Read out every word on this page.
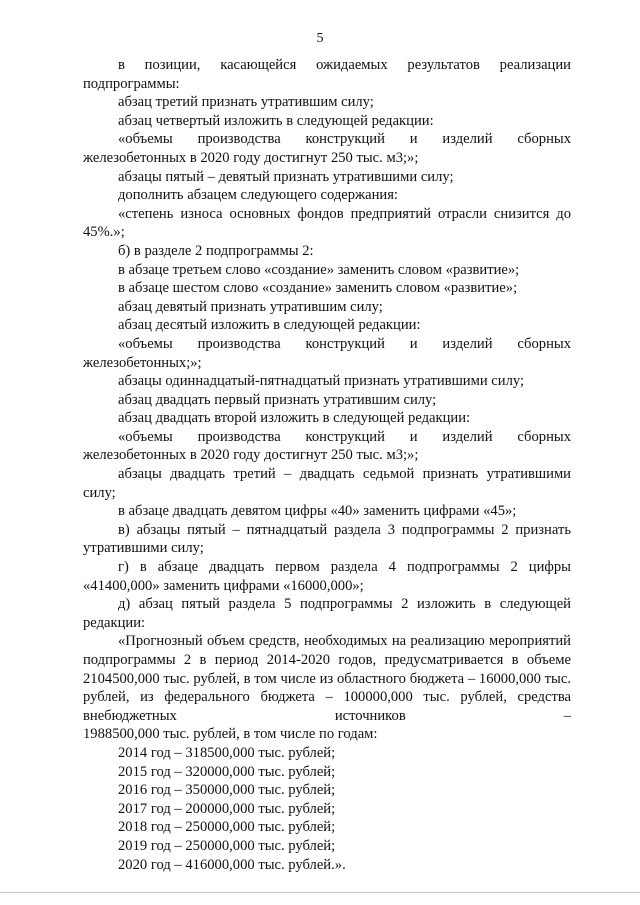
5

в позиции, касающейся ожидаемых результатов реализации подпрограммы:

абзац третий признать утратившим силу;

абзац четвертый изложить в следующей редакции:

«объемы производства конструкций и изделий сборных железобетонных в 2020 году достигнут 250 тыс. м3;»;

абзацы пятый – девятый признать утратившими силу;

дополнить абзацем следующего содержания:

«степень износа основных фондов предприятий отрасли снизится до 45%.»;

б) в разделе 2 подпрограммы 2:

в абзаце третьем слово «создание» заменить словом «развитие»;

в абзаце шестом слово «создание» заменить словом «развитие»;

абзац девятый признать утратившим силу;

абзац десятый изложить в следующей редакции:

«объемы производства конструкций и изделий сборных железобетонных;»;

абзацы одиннадцатый-пятнадцатый признать утратившими силу;

абзац двадцать первый признать утратившим силу;

абзац двадцать второй изложить в следующей редакции:

«объемы производства конструкций и изделий сборных железобетонных в 2020 году достигнут 250 тыс. м3;»;

абзацы двадцать третий – двадцать седьмой признать утратившими силу;

в абзаце двадцать девятом цифры «40» заменить цифрами «45»;

в) абзацы пятый – пятнадцатый раздела 3 подпрограммы 2 признать утратившими силу;

г) в абзаце двадцать первом раздела 4 подпрограммы 2 цифры «41400,000» заменить цифрами «16000,000»;

д) абзац пятый раздела 5 подпрограммы 2 изложить в следующей редакции:

«Прогнозный объем средств, необходимых на реализацию мероприятий подпрограммы 2 в период 2014-2020 годов, предусматривается в объеме 2104500,000 тыс. рублей, в том числе из областного бюджета – 16000,000 тыс. рублей, из федерального бюджета – 100000,000 тыс. рублей, средства внебюджетных источников –

1988500,000 тыс. рублей, в том числе по годам:

2014 год – 318500,000 тыс. рублей;

2015 год – 320000,000 тыс. рублей;

2016 год – 350000,000 тыс. рублей;

2017 год – 200000,000 тыс. рублей;

2018 год – 250000,000 тыс. рублей;

2019 год – 250000,000 тыс. рублей;

2020 год – 416000,000 тыс. рублей.».
